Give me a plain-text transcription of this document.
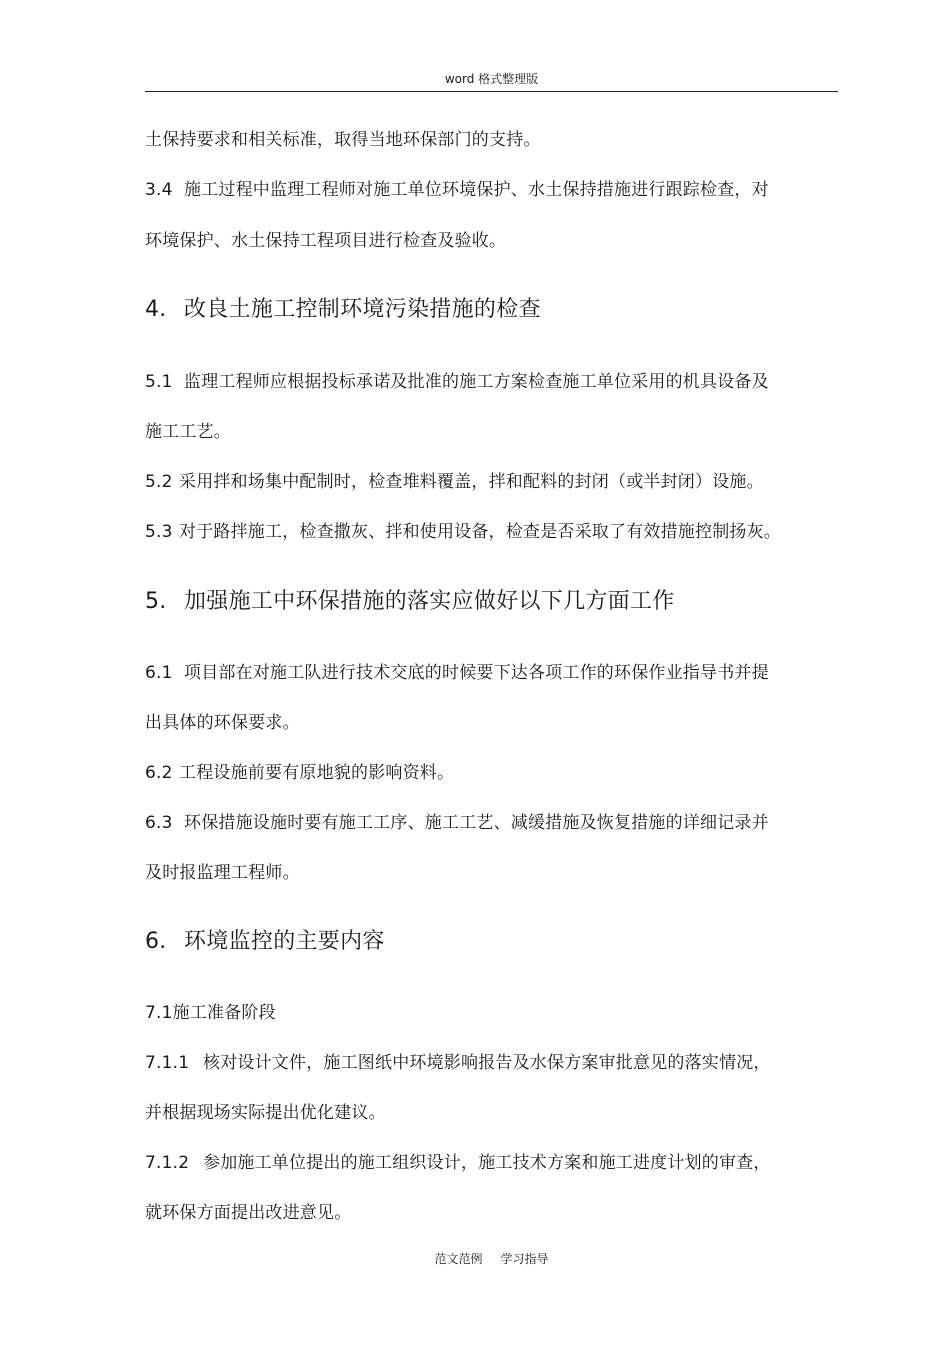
word 格式整理版
土保持要求和相关标准，取得当地环保部门的支持。
3.4 施工过程中监理工程师对施工单位环境保护、水土保持措施进行跟踪检查，对
环境保护、水土保持工程项目进行检查及验收。
4. 改良土施工控制环境污染措施的检查
5.1 监理工程师应根据投标承诺及批准的施工方案检查施工单位采用的机具设备及
施工工艺。
5.2 采用拌和场集中配制时，检查堆料覆盖，拌和配料的封闭（或半封闭）设施。
5.3 对于路拌施工，检查撒灰、拌和使用设备，检查是否采取了有效措施控制扬灰。
5. 加强施工中环保措施的落实应做好以下几方面工作
6.1 项目部在对施工队进行技术交底的时候要下达各项工作的环保作业指导书并提
出具体的环保要求。
6.2 工程设施前要有原地貌的影响资料。
6.3 环保措施设施时要有施工工序、施工工艺、减缓措施及恢复措施的详细记录并
及时报监理工程师。
6. 环境监控的主要内容
7.1施工准备阶段
7.1.1 核对设计文件，施工图纸中环境影响报告及水保方案审批意见的落实情况，
并根据现场实际提出优化建议。
7.1.2 参加施工单位提出的施工组织设计，施工技术方案和施工进度计划的审查，
就环保方面提出改进意见。
范文范例 学习指导
